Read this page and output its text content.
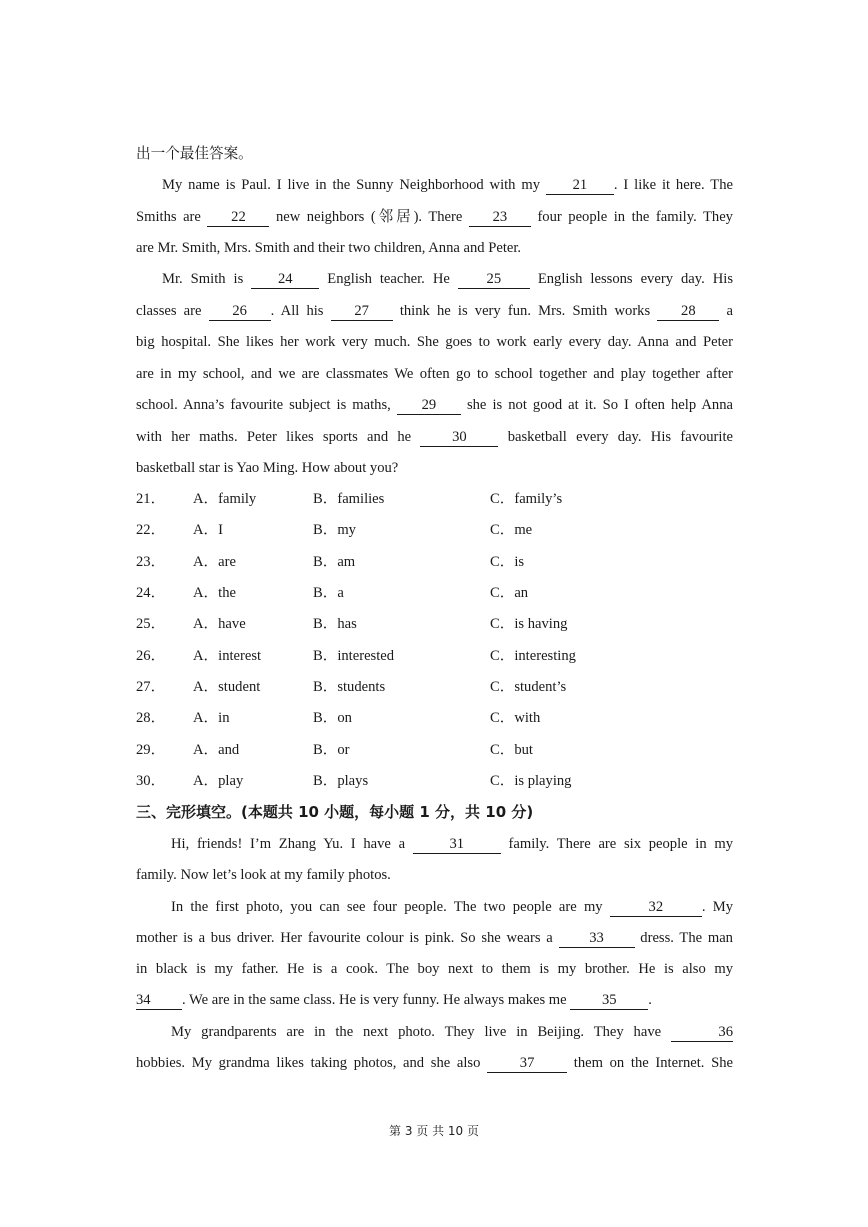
出一个最佳答案。
My name is Paul. I live in the Sunny Neighborhood with my 21 . I like it here. The
Smiths are 22 new neighbors (邻居). There 23 four people in the family. They
are Mr. Smith, Mrs. Smith and their two children, Anna and Peter.
Mr. Smith is 24 English teacher. He	25	English lessons every day. His
classes are 26 . All his 27 think he is very fun. Mrs. Smith works 28 a
big hospital. She likes her work very much. She goes to work early every day. Anna and Peter
are in my school, and we are classmates We often go to school together and play together after
school. Anna’s favourite subject is maths, 29 she is not good at it. So I often help Anna
with her maths. Peter likes sports and he	30	basketball every day. His favourite
basketball star is Yao Ming. How about you?
21． A．family	B．families	C．family’s
22． A．I	B．my	C．me
23． A．are	B．am	C．is
24． A．the	B．a	C．an
25． A．have	B．has	C．is having
26． A．interest	B．interested	C．interesting
27． A．student	B．students	C．student’s
28． A．in	B．on	C．with
29． A．and	B．or	C．but
30． A．play	B．plays	C．is playing
三、完形填空。(本题共 10 小题，每小题 1 分，共 10 分)
Hi, friends! I’m Zhang Yu. I have a	31	family. There are six people in my
family. Now let’s look at my family photos.
In the first photo, you can see four people. The two people are my	32	. My
mother is a bus driver. Her favourite colour is pink. So she wears a 33 dress. The man
in black is my father. He is a cook. The boy next to them is my brother. He is also my
34 . We are in the same class. He is very funny. He always makes me 35 .
My grandparents are in the next photo. They live in Beijing. They have	36
hobbies. My grandma likes taking photos, and she also	37	them on the Internet. She
第 3 页 共 10 页
